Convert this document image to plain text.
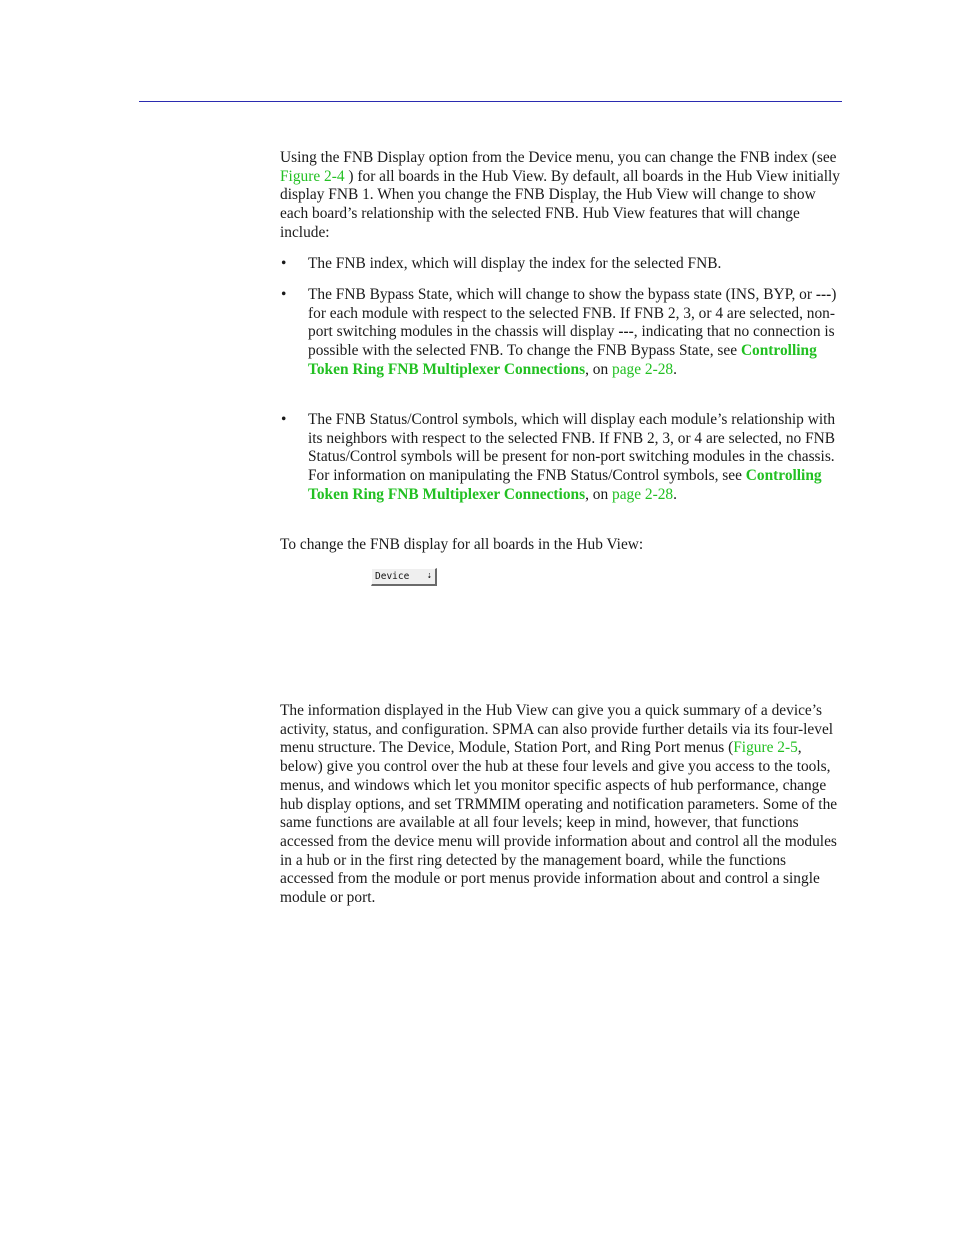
Using the FNB Display option from the Device menu, you can change the FNB index (see Figure 2-4 ) for all boards in the Hub View. By default, all boards in the Hub View initially display FNB 1. When you change the FNB Display, the Hub View will change to show each board’s relationship with the selected FNB. Hub View features that will change include:

• The FNB index, which will display the index for the selected FNB.
• The FNB Bypass State, which will change to show the bypass state (INS, BYP, or ---) for each module with respect to the selected FNB. If FNB 2, 3, or 4 are selected, non-port switching modules in the chassis will display ---, indicating that no connection is possible with the selected FNB. To change the FNB Bypass State, see Controlling Token Ring FNB Multiplexer Connections, on page 2-28.
• The FNB Status/Control symbols, which will display each module’s relationship with its neighbors with respect to the selected FNB. If FNB 2, 3, or 4 are selected, no FNB Status/Control symbols will be present for non-port switching modules in the chassis. For information on manipulating the FNB Status/Control symbols, see Controlling Token Ring FNB Multiplexer Connections, on page 2-28.

To change the FNB display for all boards in the Hub View:

Device ⇣

The information displayed in the Hub View can give you a quick summary of a device’s activity, status, and configuration. SPMA can also provide further details via its four-level menu structure. The Device, Module, Station Port, and Ring Port menus (Figure 2-5, below) give you control over the hub at these four levels and give you access to the tools, menus, and windows which let you monitor specific aspects of hub performance, change hub display options, and set TRMMIM operating and notification parameters. Some of the same functions are available at all four levels; keep in mind, however, that functions accessed from the device menu will provide information about and control all the modules in a hub or in the first ring detected by the management board, while the functions accessed from the module or port menus provide information about and control a single module or port.
